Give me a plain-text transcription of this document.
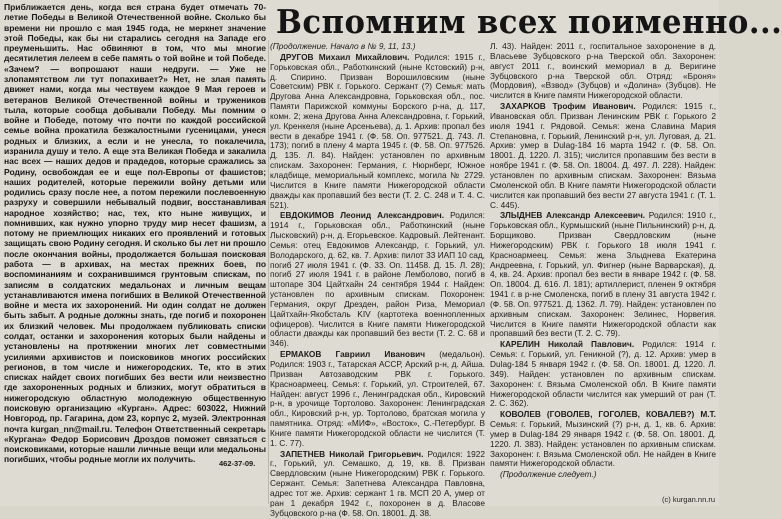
Приближается день, когда вся страна будет отмечать 70-летие Победы в Великой Отечественной войне. Сколько бы времени ни прошло с мая 1945 года, не меркнет значение этой Победы, как бы ни старались сегодня на Западе его преуменьшить. Нас обвиняют в том, что мы многие десятилетия лелеем в себе память о той войне и той Победе. «Зачем? — вопрошают наши недруги. — Уже не злопамятством ли тут попахивает?» Нет, не злая память движет нами, когда мы чествуем каждое 9 Мая героев и ветеранов Великой Отечественной войны и тружеников тыла, которые сообща добывали Победу. Мы помним о войне и Победе, потому что почти по каждой российской семье война прокатила безжалостными гусеницами, унеся родных и близких, а если и не унесла, то покалечила, изранила душу и тело. А еще эта Великая Победа и закалила нас всех — наших дедов и прадедов, которые сражались за Родину, освобождая ее и еще пол-Европы от фашистов; наших родителей, которые пережили войну детьми или родились сразу после нее, а потом пережили послевоенную разруху и совершили небывалый подвиг, восстанавливая народное хозяйство; нас, тех, кто ныне живущих, и помнивших, как нужно упорно труду мир несет фашизм, а потому не приемлющих никаких его проявлений и готовых защищать свою Родину сегодня. И сколько бы лет ни прошло после окончания войны, продолжается большая поисковая работа — в архивах, на местах прежних боев, по воспоминаниям и сохранившимся грунтовым спискам, по записям в солдатских медальонах и личным вещам устанавливаются имена погибших в Великой Отечественной войне и места их захоронений. Ни один солдат не должен быть забыт. А родные должны знать, где погиб и похоронен их близкий человек. Мы продолжаем публиковать списки солдат, останки и захоронения которых были найдены и установлены на протяжении многих лет совместными усилиями архивистов и поисковиков многих российских регионов, в том числе и нижегородских. Те, кто в этих списках найдет своих погибших без вести или неизвестно где захороненных родных и близких, могут обратиться в нижегородскую областную молодежную общественную поисковую организацию «Курган». Адрес: 603022, Нижний Новгород, пр. Гагарина, дом 23, корпус 2, музей. Электронная почта kurgan_nn@mail.ru. Телефон Ответственный секретарь «Кургана» Федор Борисович Дроздов поможет связаться с поисковиками, которые нашли личные вещи или медальоны погибших, чтобы родные могли их получить.	462-37-09.
Вспомним всех поименно...

(Продолжение. Начало в № 9, 11, 13.)

ДРУГОВ Михаил Михайлович. Родился: 1915 г., Горьковская обл., Работкинский (ныне Кстовский) р-н, д. Спирино. Призван Ворошиловским (ныне Советским) РВК г. Горького. Сержант (?) Семья: мать Другова Анна Александровна, Горьковская обл., пос. Памяти Парижской коммуны Борского р-на, д. 117, комн. 2; жена Другова Анна Александровна, г. Горький, ул. Кренкеля (ныне Арсеньева), д. 1. Архив: пропал без вести в декабре 1941 г. (Ф. 58. Оп. 977521. Д. 743. Л. 173); погиб в плену 4 марта 1945 г. (Ф. 58. Оп. 977526. Д. 135. Л. 84). Найден: установлен по архивным спискам. Захоронен: Германия, г. Нюрнберг, Южное кладбище, мемориальный комплекс, могила № 2729. Числится в Книге памяти Нижегородской области дважды как пропавший без вести (Т. 2. С. 248 и Т. 4. С. 521).

ЕВДОКИМОВ Леонид Александрович. Родился: 1914 г., Горьковская обл., Работкинский (ныне Лысковский) р-н, д. Егорьевское. Кадровый. Лейтенант. Семья: отец Евдокимов Александр, г. Горький, ул. Володарского, д. 62, кв. 7. Архив: пилот 33 ИАП 10 сад, погиб 27 июля 1941 г. (Ф. 33. Оп. 11458. Д. 15. Л. 28); погиб 27 июля 1941 г. в районе Лемболово, погиб в штопаре 304 Цайтхайн 24 сентября 1944 г. Найден: установлен по архивным спискам. Похоронен: Германия, округ Дрезден, район Риза, Мемориал Цайтхайн-Якобсталь KIV (картотека военнопленных офицеров). Числится в Книге памяти Нижегородской области дважды как пропавший без вести (Т. 2. С. 68 и 346).

ЕРМАКОВ Гавриил Иванович (медальон). Родился: 1903 г., Татарская АССР, Арский р-н, д. Айша. Призван Автозаводским РВК г. Горького. Красноармеец. Семья: г. Горький, ул. Строителей, 67. Найден: август 1996 г., Ленинградская обл., Кировский р-н, в урочище Тортолово. Захоронен: Ленинградская обл., Кировский р-н, ур. Тортолово, братская могила у памятника. Отряд: «МИФ», «Восток», С.-Петербург. В Книге памяти Нижегородской области не числится (Т. 1. С. 77).

ЗАПЕТНЕВ Николай Григорьевич. Родился: 1922 г., Горький, ул. Семашко, д. 19, кв. 8. Призван Свердловским (ныне Нижегородским) РВК г. Горького. Сержант. Семья: Запетнева Александра Павловна, адрес тот же. Архив: сержант 1 гв. МСП 20 А, умер от ран 1 декабря 1942 г., похоронен в д. Власове Зубцовского р-на (Ф. 58. Оп. 18001. Д. 38.

Л. 43). Найден: 2011 г., госпитальное захоронение в д. Власьеве Зубцовского р-на Тверской обл. Захоронен: август 2011 г., воинский мемориал в д. Веригине Зубцовского р-на Тверской обл. Отряд: «Броня» (Мордовия), «Взвод» (Зубцов) и «Долина» (Зубцов). Не числится в Книге памяти Нижегородской области.

ЗАХАРКОВ Трофим Иванович. Родился: 1915 г., Ивановская обл. Призван Ленинским РВК г. Горького 2 июля 1941 г. Рядовой. Семья: жена Славина Мария Степановна, г. Горький, Ленинский р-н, ул. Луговая, д. 21. Архив: умер в Dulag-184 16 марта 1942 г. (Ф. 58. Оп. 18001. Д. 1220. Л. 315); числится пропавшим без вести в ноябре 1941 г. (Ф. 58. Оп. 18004. Д. 497. Л. 228). Найден: установлен по архивным спискам. Захоронен: Вязьма Смоленской обл. В Книге памяти Нижегородской области числится как пропавший без вести 27 августа 1941 г. (Т. 1. С. 445).

ЗЛЫДНЕВ Александр Алексеевич. Родился: 1910 г., Горьковская обл., Курмышский (ныне Пильнинский) р-н, д. Борщиково. Призван Свердловским (ныне Нижегородским) РВК г. Горького 18 июля 1941 г. Красноармеец. Семья: жена Злыднева Екатерина Андреевна, г. Горький, ул. Фигнер (ныне Варварская), д. 4, кв. 24. Архив: пропал без вести в январе 1942 г. (Ф. 58. Оп. 18004. Д. 616. Л. 181); артиллерист, пленен 9 октября 1941 г. в р-не Смоленска, погиб в плену 31 августа 1942 г. (Ф. 58. Оп. 977521. Д. 1362. Л. 79). Найден: установлен по архивным спискам. Захоронен: Зелинес, Норвегия. Числится в Книге памяти Нижегородской области как пропавший без вести (Т. 2. С. 79).

КАРЕЛИН Николай Павлович. Родился: 1914 г. Семья: г. Горький, ул. Геникной (?), д. 12. Архив: умер в Dulag-184 5 января 1942 г. (Ф. 58. Оп. 18001. Д. 1220. Л. 349). Найден: установлен по архивным спискам. Захоронен: г. Вязьма Смоленской обл. В Книге памяти Нижегородской области числится как умерший от ран (Т. 2. С. 362).

КОВОЛЕВ (ГОВОЛЕВ, ГОГОЛЕВ, КОВАЛЕВ?) М.Т. Семья: г. Горький, Мызинский (?) р-н, д. 1, кв. 6. Архив: умер в Dulag-184 29 января 1942 г. (Ф. 58. Оп. 18001. Д. 1220. Л. 383). Найден: установлен по архивным спискам. Захоронен: г. Вязьма Смоленской обл. Не найден в Книге памяти Нижегородской области.

(Продолжение следует.)

(c) kurgan.nn.ru
